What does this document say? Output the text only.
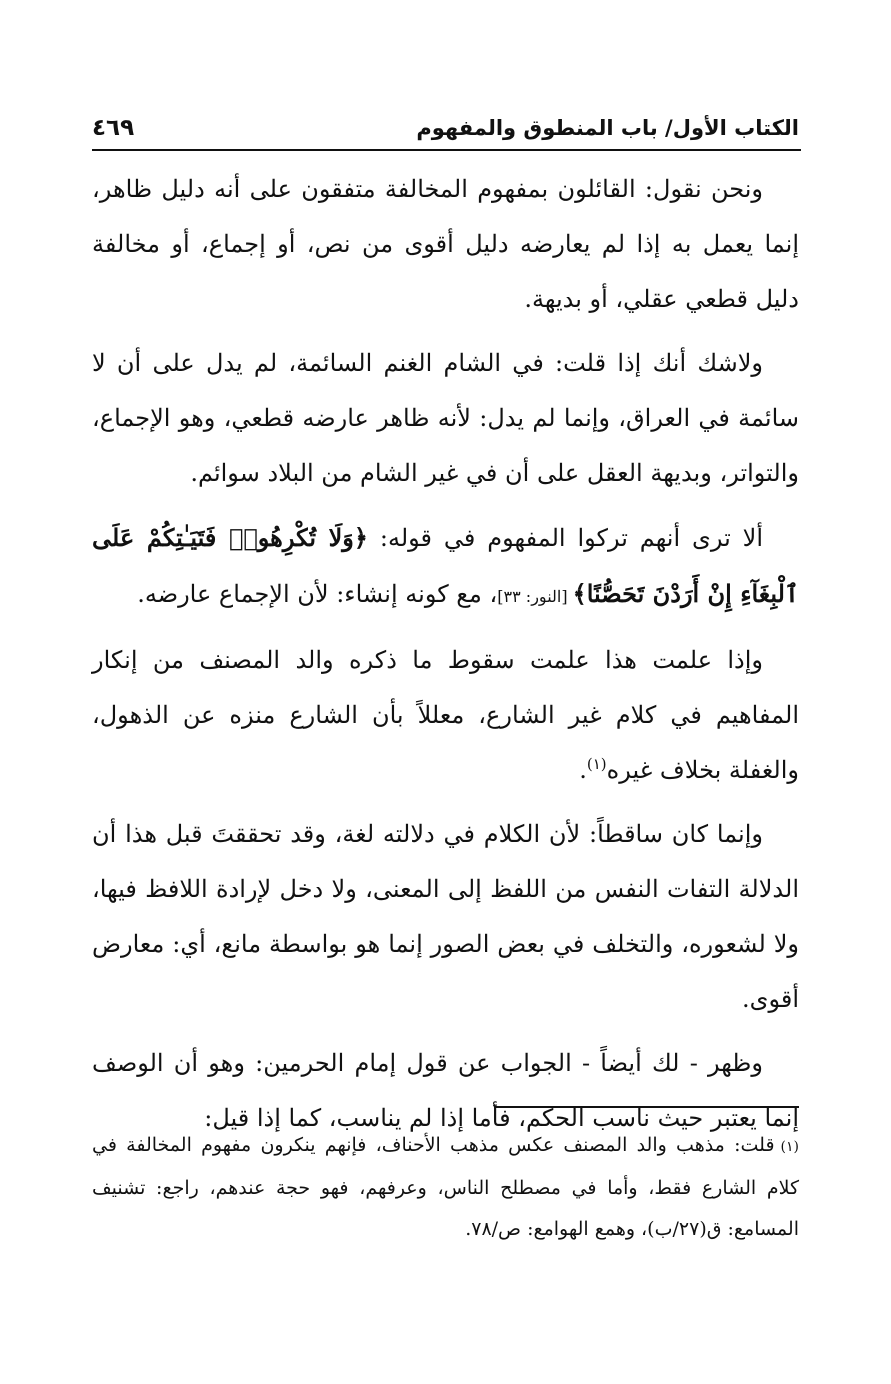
الكتاب الأول/ باب المنطوق والمفهوم
٤٦٩

ونحن نقول: القائلون بمفهوم المخالفة متفقون على أنه دليل ظاهر، إنما يعمل به إذا لم يعارضه دليل أقوى من نص، أو إجماع، أو مخالفة دليل قطعي عقلي، أو بديهة.

ولاشك أنك إذا قلت: في الشام الغنم السائمة، لم يدل على أن لا سائمة في العراق، وإنما لم يدل: لأنه ظاهر عارضه قطعي، وهو الإجماع، والتواتر، وبديهة العقل على أن في غير الشام من البلاد سوائم.

ألا ترى أنهم تركوا المفهوم في قوله: ﴿وَلَا تُكْرِهُوا۟ فَتَيَـٰتِكُمْ عَلَى ٱلْبِغَآءِ إِنْ أَرَدْنَ تَحَصُّنًا﴾ [النور: ٣٣]، مع كونه إنشاء: لأن الإجماع عارضه.

وإذا علمت هذا علمت سقوط ما ذكره والد المصنف من إنكار المفاهيم في كلام غير الشارع، معللاً بأن الشارع منزه عن الذهول، والغفلة بخلاف غيره$^{(١)}$.

وإنما كان ساقطاً: لأن الكلام في دلالته لغة، وقد تحققتَ قبل هذا أن الدلالة التفات النفس من اللفظ إلى المعنى، ولا دخل لإرادة اللافظ فيها، ولا لشعوره، والتخلف في بعض الصور إنما هو بواسطة مانع، أي: معارض أقوى.

وظهر - لك أيضاً - الجواب عن قول إمام الحرمين: وهو أن الوصف إنما يعتبر حيث ناسب الحكم، فأما إذا لم يناسب، كما إذا قيل:

(١)قلت: مذهب والد المصنف عكس مذهب الأحناف، فإنهم ينكرون مفهوم المخالفة في كلام الشارع فقط، وأما في مصطلح الناس، وعرفهم، فهو حجة عندهم، راجع: تشنيف المسامع: ق(٢٧/ب)، وهمع الهوامع: ص/٧٨.
